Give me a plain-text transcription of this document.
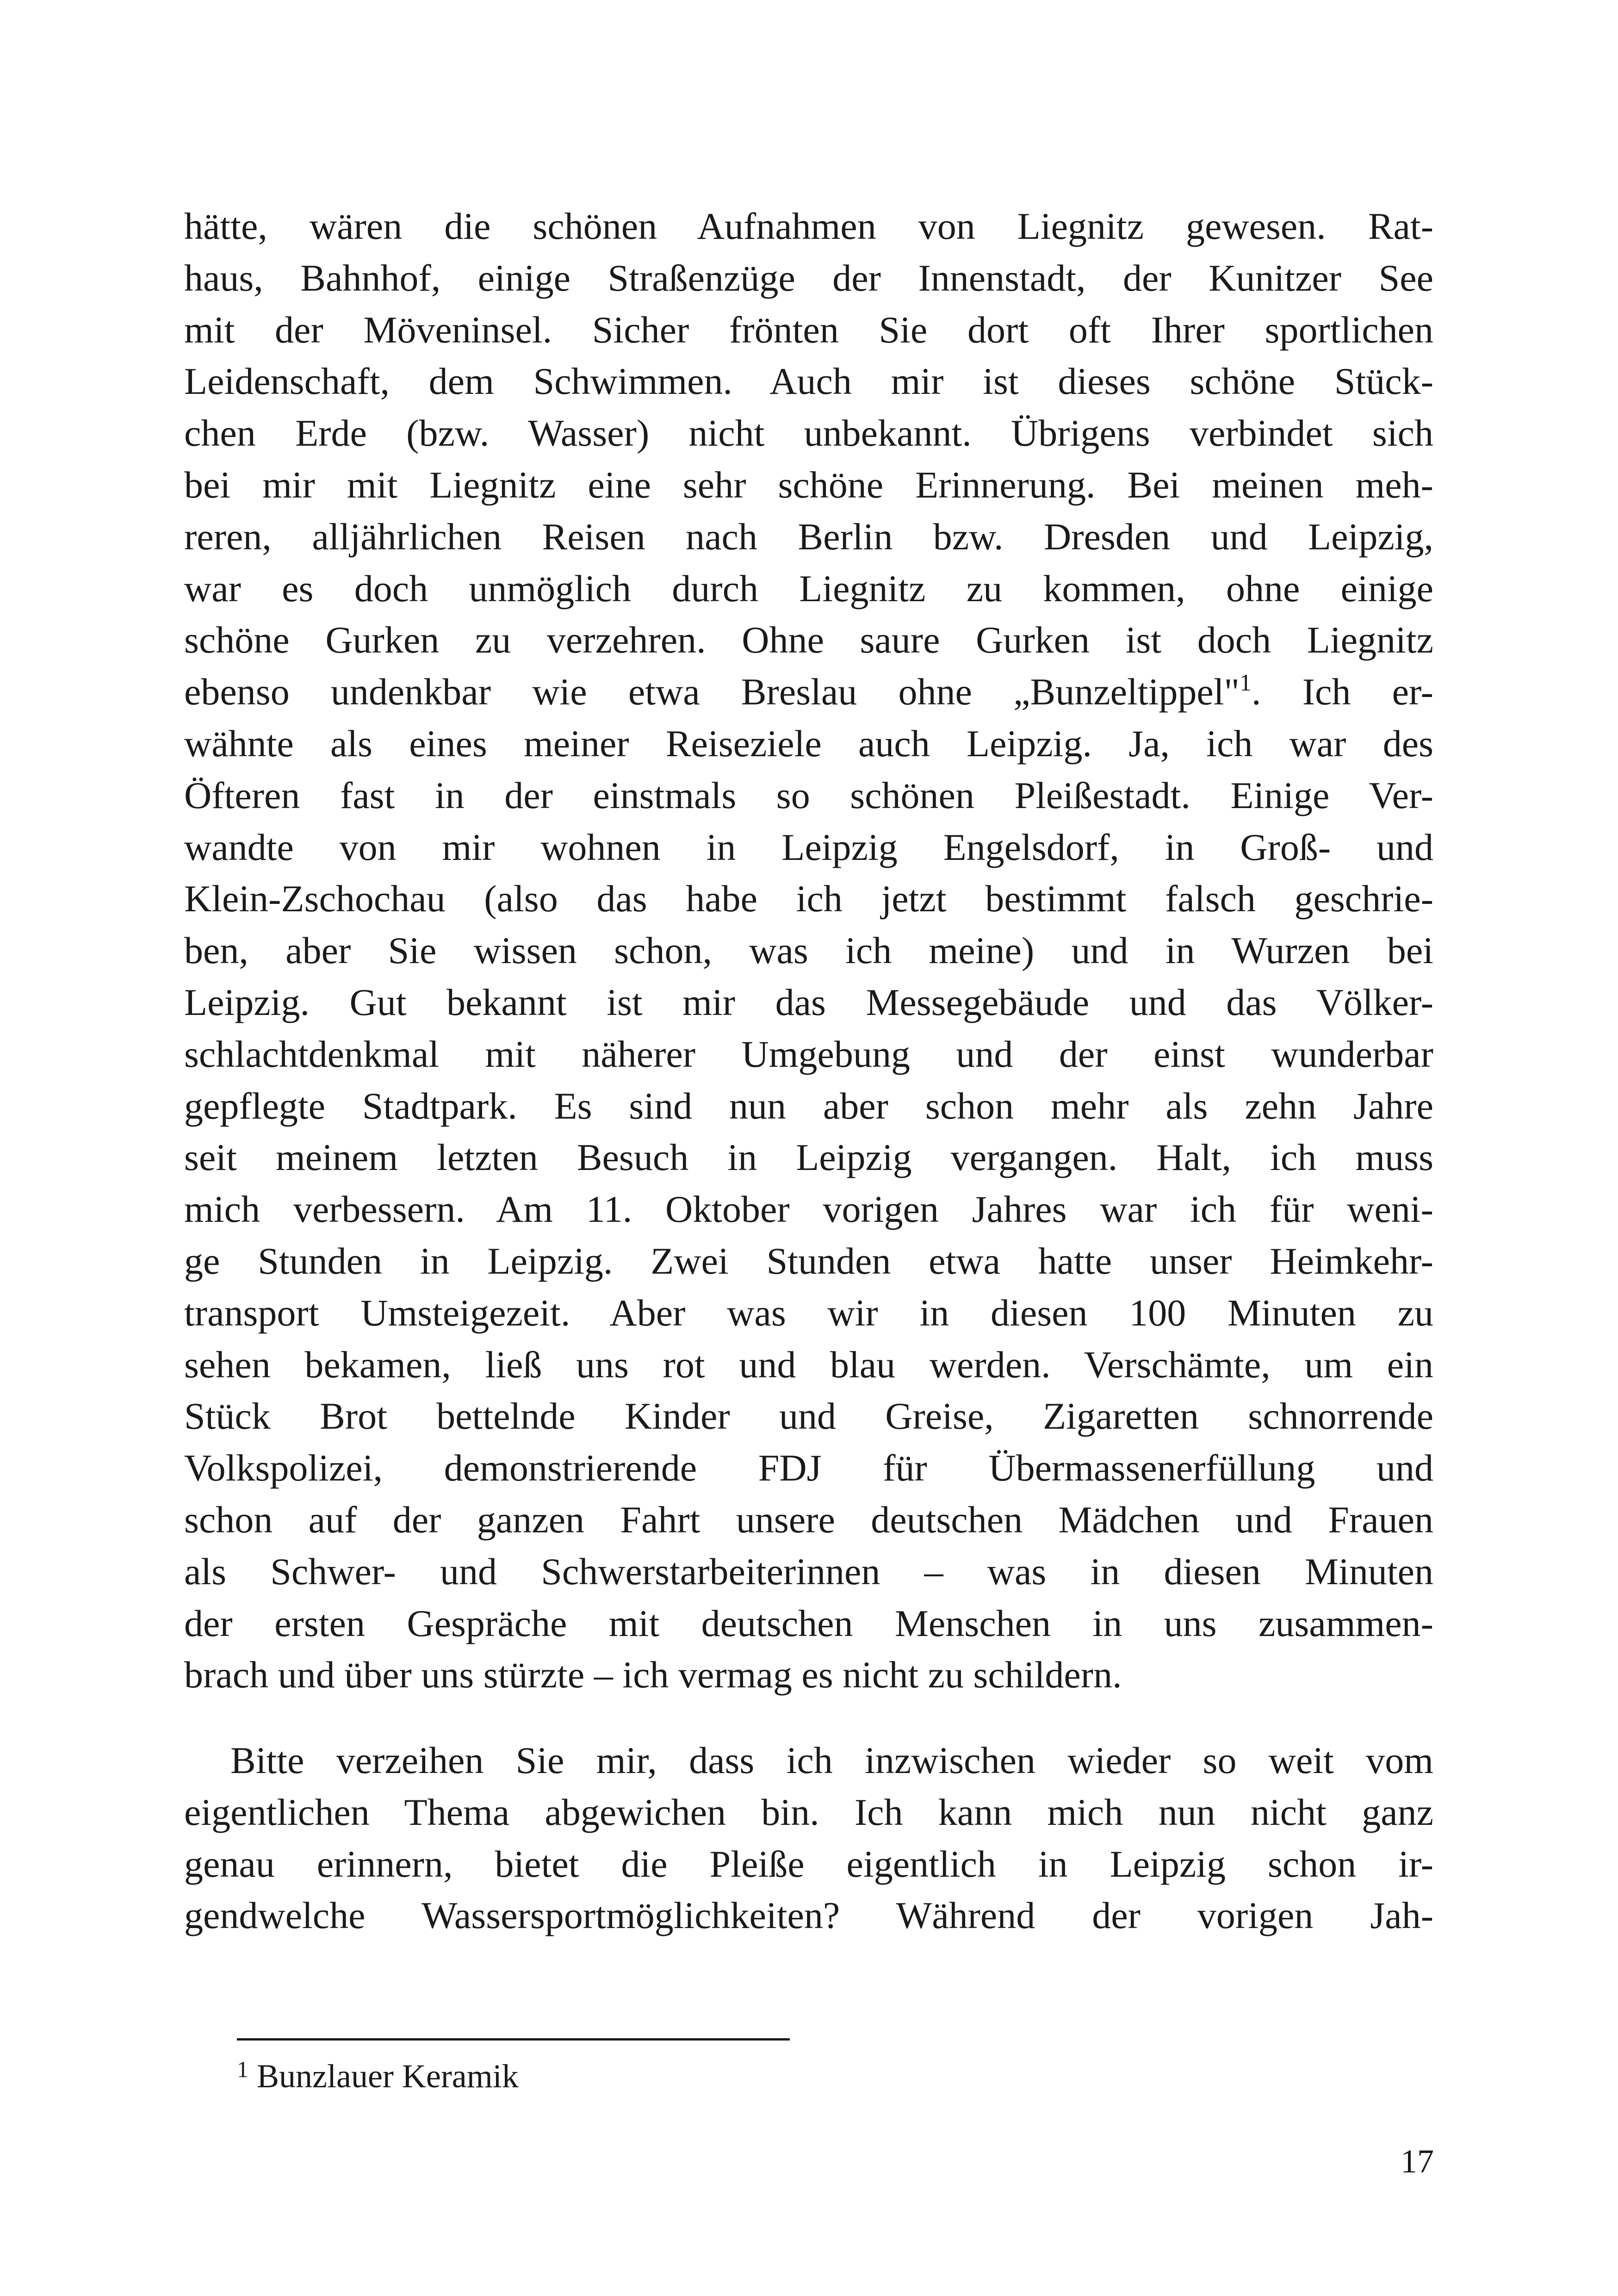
hätte, wären die schönen Aufnahmen von Liegnitz gewesen. Rat-
haus, Bahnhof, einige Straßenzüge der Innenstadt, der Kunitzer See
mit der Möveninsel. Sicher frönten Sie dort oft Ihrer sportlichen
Leidenschaft, dem Schwimmen. Auch mir ist dieses schöne Stück-
chen Erde (bzw. Wasser) nicht unbekannt. Übrigens verbindet sich
bei mir mit Liegnitz eine sehr schöne Erinnerung. Bei meinen meh-
reren, alljährlichen Reisen nach Berlin bzw. Dresden und Leipzig,
war es doch unmöglich durch Liegnitz zu kommen, ohne einige
schöne Gurken zu verzehren. Ohne saure Gurken ist doch Liegnitz
ebenso undenkbar wie etwa Breslau ohne „Bunzeltippel"$^1$. Ich er-
wähnte als eines meiner Reiseziele auch Leipzig. Ja, ich war des
Öfteren fast in der einstmals so schönen Pleißestadt. Einige Ver-
wandte von mir wohnen in Leipzig Engelsdorf, in Groß- und
Klein-Zschochau (also das habe ich jetzt bestimmt falsch geschrie-
ben, aber Sie wissen schon, was ich meine) und in Wurzen bei
Leipzig. Gut bekannt ist mir das Messegebäude und das Völker-
schlachtdenkmal mit näherer Umgebung und der einst wunderbar
gepflegte Stadtpark. Es sind nun aber schon mehr als zehn Jahre
seit meinem letzten Besuch in Leipzig vergangen. Halt, ich muss
mich verbessern. Am 11. Oktober vorigen Jahres war ich für weni-
ge Stunden in Leipzig. Zwei Stunden etwa hatte unser Heimkehr-
transport Umsteigezeit. Aber was wir in diesen 100 Minuten zu
sehen bekamen, ließ uns rot und blau werden. Verschämte, um ein
Stück Brot bettelnde Kinder und Greise, Zigaretten schnorrende
Volkspolizei, demonstrierende FDJ für Übermassenerfüllung und
schon auf der ganzen Fahrt unsere deutschen Mädchen und Frauen
als Schwer- und Schwerstarbeiterinnen – was in diesen Minuten
der ersten Gespräche mit deutschen Menschen in uns zusammen-
brach und über uns stürzte – ich vermag es nicht zu schildern.
Bitte verzeihen Sie mir, dass ich inzwischen wieder so weit vom
eigentlichen Thema abgewichen bin. Ich kann mich nun nicht ganz
genau erinnern, bietet die Pleiße eigentlich in Leipzig schon ir-
gendwelche Wassersportmöglichkeiten? Während der vorigen Jah-
$^1$ Bunzlauer Keramik
17
